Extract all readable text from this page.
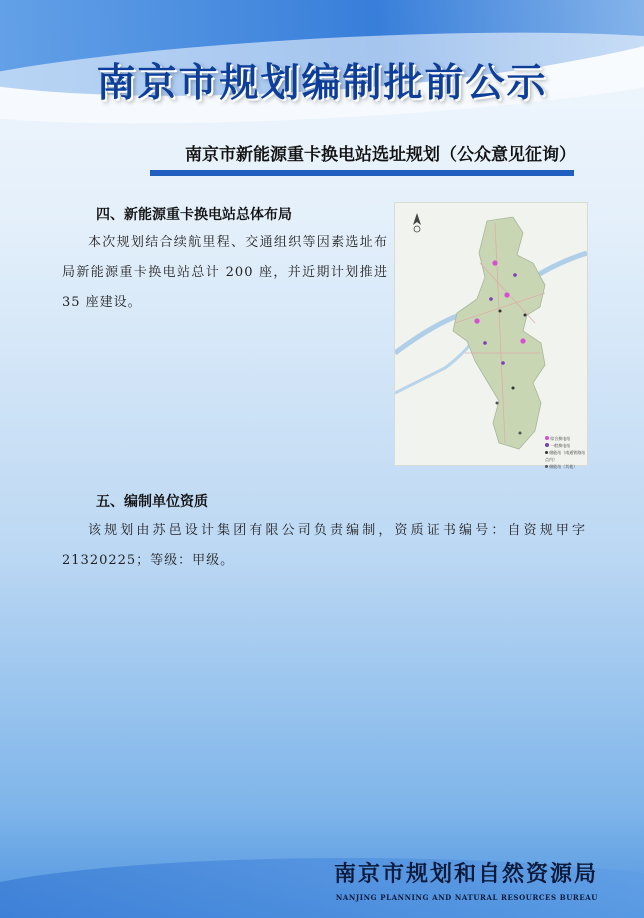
南京市规划编制批前公示
南京市新能源重卡换电站选址规划（公众意见征询）
四、新能源重卡换电站总体布局
本次规划结合续航里程、交通组织等因素选址布局新能源重卡换电站总计 200 座，并近期计划推进 35 座建设。
综合换电站
一般换电站
储能站（南通铁路站点内）
储能站（其他）
五、编制单位资质
该规划由苏邑设计集团有限公司负责编制，资质证书编号：自资规甲字 21320225；等级：甲级。
南京市规划和自然资源局
NANJING PLANNING AND NATURAL RESOURCES BUREAU
